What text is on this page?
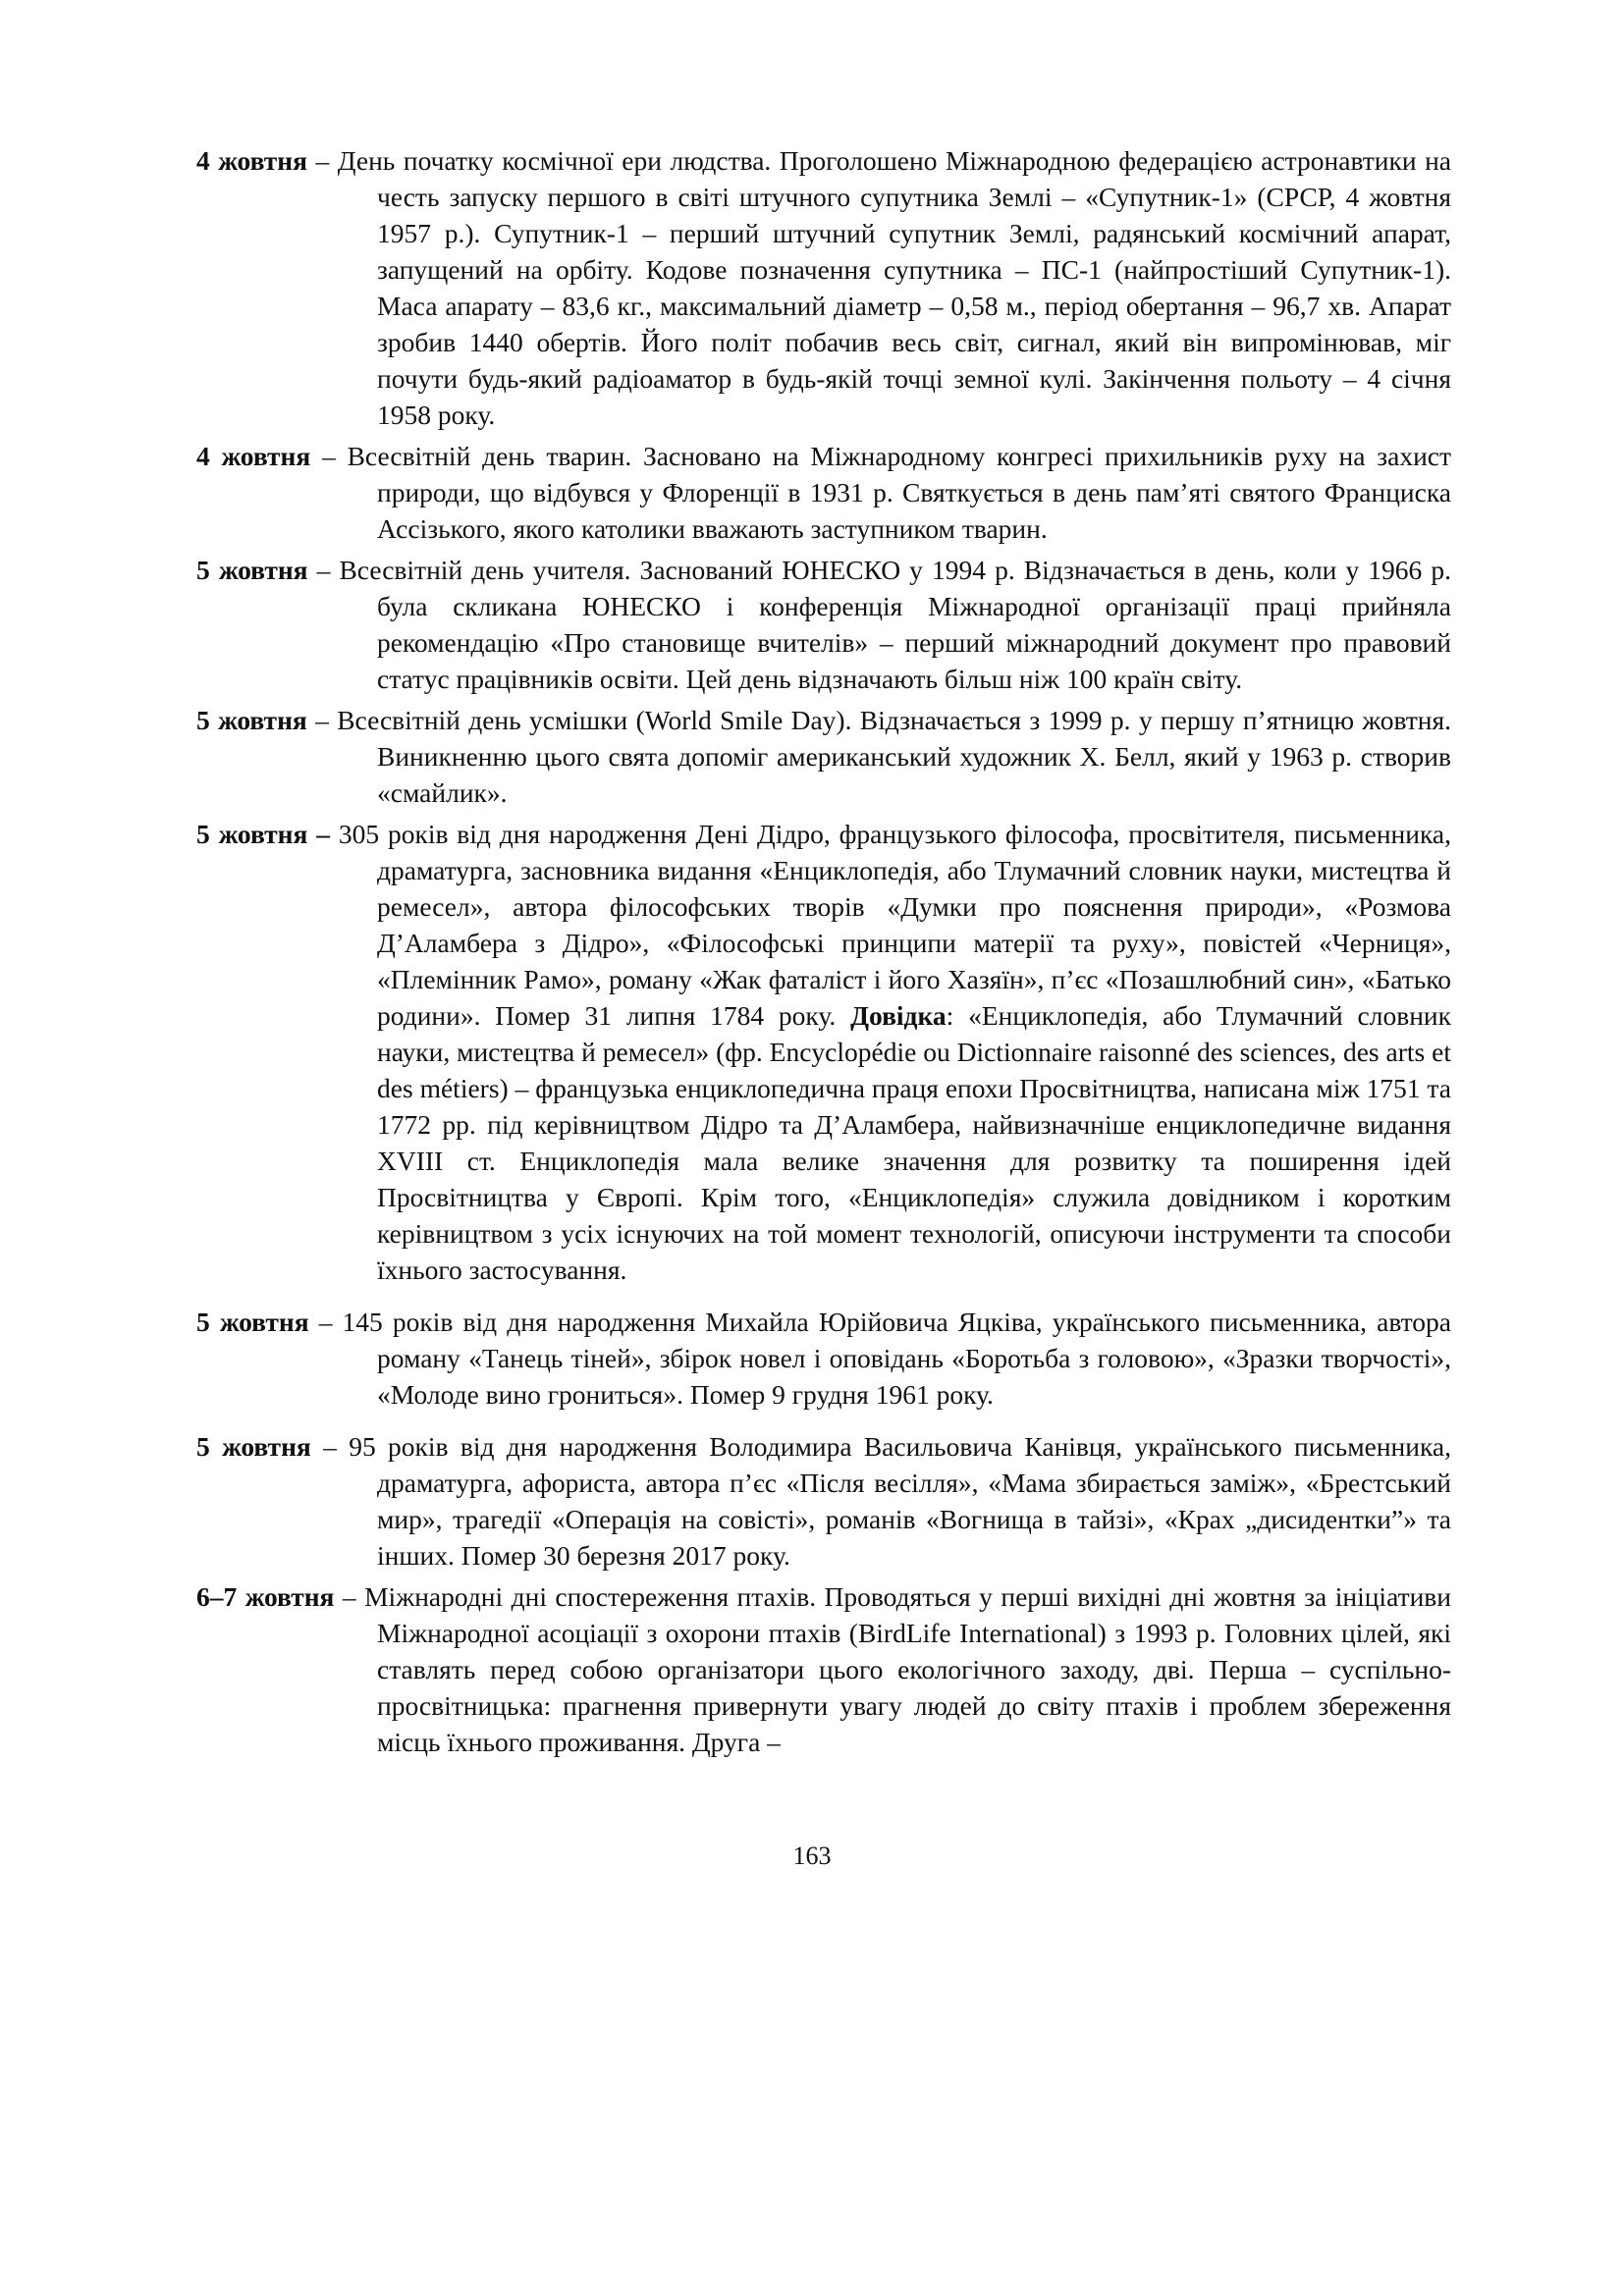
4 жовтня – День початку космічної ери людства. Проголошено Міжнародною федерацією астронавтики на честь запуску першого в світі штучного супутника Землі – «Супутник-1» (СРСР, 4 жовтня 1957 р.). Супутник-1 – перший штучний супутник Землі, радянський космічний апарат, запущений на орбіту. Кодове позначення супутника – ПС-1 (найпростіший Супутник-1). Маса апарату – 83,6 кг., максимальний діаметр – 0,58 м., період обертання – 96,7 хв. Апарат зробив 1440 обертів. Його політ побачив весь світ, сигнал, який він випромінював, міг почути будь-який радіоаматор в будь-якій точці земної кулі. Закінчення польоту – 4 січня 1958 року.

4 жовтня – Всесвітній день тварин. Засновано на Міжнародному конгресі прихильників руху на захист природи, що відбувся у Флоренції в 1931 р. Святкується в день пам’яті святого Франциска Ассізького, якого католики вважають заступником тварин.

5 жовтня – Всесвітній день учителя. Заснований ЮНЕСКО у 1994 р. Відзначається в день, коли у 1966 р. була скликана ЮНЕСКО і конференція Міжнародної організації праці прийняла рекомендацію «Про становище вчителів» – перший міжнародний документ про правовий статус працівників освіти. Цей день відзначають більш ніж 100 країн світу.

5 жовтня – Всесвітній день усмішки (World Smile Day). Відзначається з 1999 р. у першу п’ятницю жовтня. Виникненню цього свята допоміг американський художник Х. Белл, який у 1963 р. створив «смайлик».

5 жовтня – 305 років від дня народження Дені Дідро, французького філософа, просвітителя, письменника, драматурга, засновника видання «Енциклопедія, або Тлумачний словник науки, мистецтва й ремесел», автора філософських творів «Думки про пояснення природи», «Розмова Д’Аламбера з Дідро», «Філософські принципи матерії та руху», повістей «Черниця», «Племінник Рамо», роману «Жак фаталіст і його Хазяїн», п’єс «Позашлюбний син», «Батько родини». Помер 31 липня 1784 року. Довідка: «Енциклопедія, або Тлумачний словник науки, мистецтва й ремесел» (фр. Encyclopédie ou Dictionnaire raisonné des sciences, des arts et des métiers) – французька енциклопедична праця епохи Просвітництва, написана між 1751 та 1772 рр. під керівництвом Дідро та Д’Аламбера, найвизначніше енциклопедичне видання XVIII ст. Енциклопедія мала велике значення для розвитку та поширення ідей Просвітництва у Європі. Крім того, «Енциклопедія» служила довідником і коротким керівництвом з усіх існуючих на той момент технологій, описуючи інструменти та способи їхнього застосування.

5 жовтня – 145 років від дня народження Михайла Юрійовича Яцківа, українського письменника, автора роману «Танець тіней», збірок новел і оповідань «Боротьба з головою», «Зразки творчості», «Молоде вино грониться». Помер 9 грудня 1961 року.

5 жовтня – 95 років від дня народження Володимира Васильовича Канівця, українського письменника, драматурга, афориста, автора п’єс «Після весілля», «Мама збирається заміж», «Брестський мир», трагедії «Операція на совісті», романів «Вогнища в тайзі», «Крах „дисидентки”» та інших. Помер 30 березня 2017 року.

6–7 жовтня – Міжнародні дні спостереження птахів. Проводяться у перші вихідні дні жовтня за ініціативи Міжнародної асоціації з охорони птахів (BirdLife International) з 1993 р. Головних цілей, які ставлять перед собою організатори цього екологічного заходу, дві. Перша – суспільно-просвітницька: прагнення привернути увагу людей до світу птахів і проблем збереження місць їхнього проживання. Друга –

163
